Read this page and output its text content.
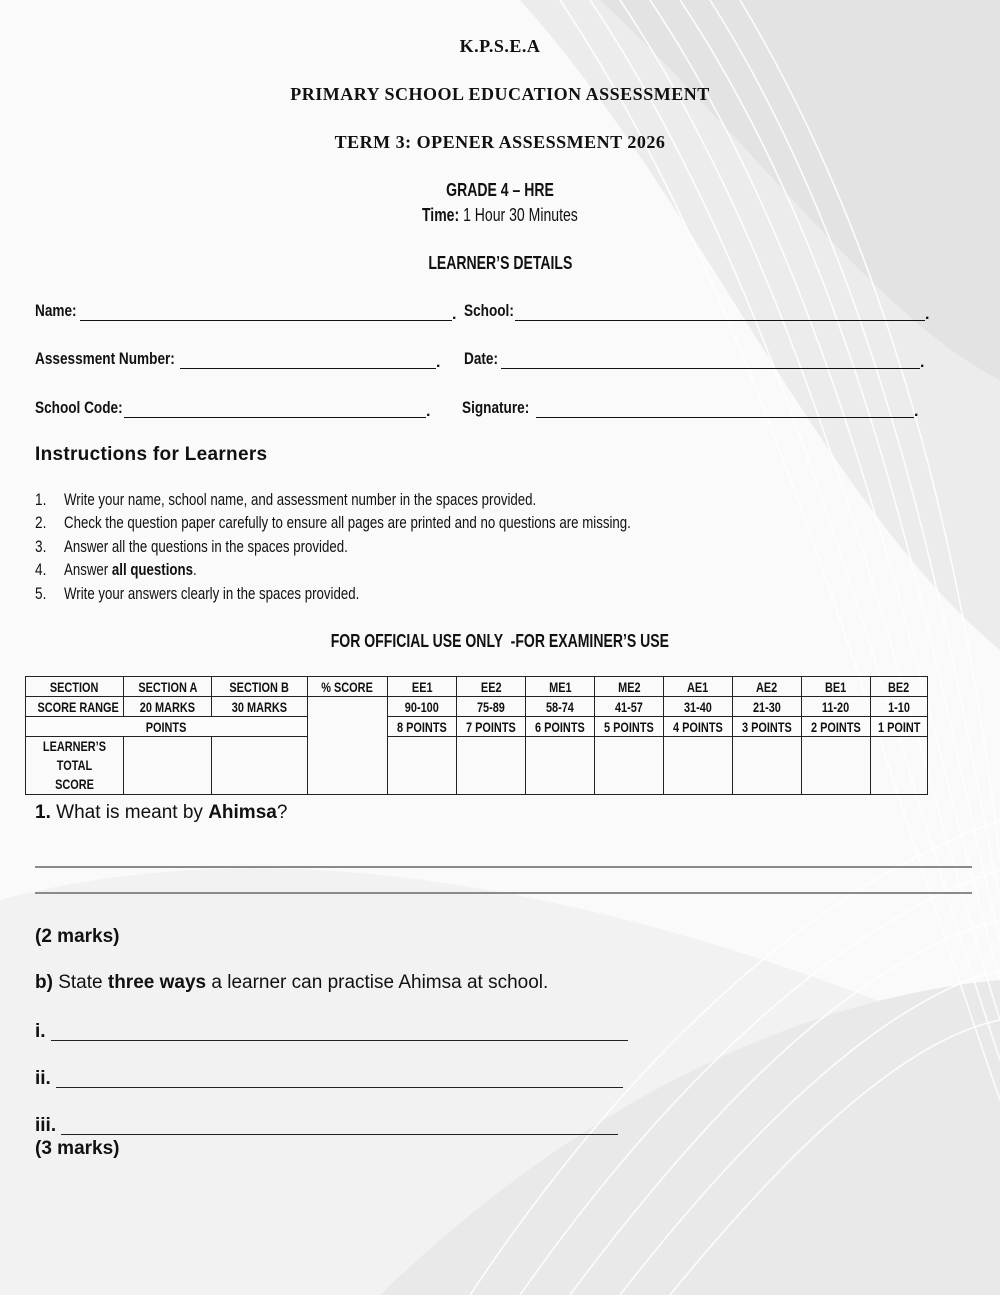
K.P.S.E.A
PRIMARY SCHOOL EDUCATION ASSESSMENT
TERM 3: OPENER ASSESSMENT 2026
GRADE 4 – HRE
Time: 1 Hour 30 Minutes
LEARNER’S DETAILS
Name:	. School:	.
Assessment Number:	. Date:	.
School Code:	. Signature:	.
Instructions for Learners
1. Write your name, school name, and assessment number in the spaces provided.
2. Check the question paper carefully to ensure all pages are printed and no questions are missing.
3. Answer all the questions in the spaces provided.
4. Answer all questions.
5. Write your answers clearly in the spaces provided.
FOR OFFICIAL USE ONLY  -FOR EXAMINER’S USE
SECTION	SECTION A	SECTION B	% SCORE	EE1	EE2	ME1	ME2	AE1	AE2	BE1	BE2
SCORE RANGE	20 MARKS	30 MARKS		90-100	75-89	58-74	41-57	31-40	21-30	11-20	1-10
POINTS				8 POINTS	7 POINTS	6 POINTS	5 POINTS	4 POINTS	3 POINTS	2 POINTS	1 POINT
LEARNER’S
TOTAL SCORE											
1. What is meant by Ahimsa?
(2 marks)
b) State three ways a learner can practise Ahimsa at school.
i.
ii.
iii.
(3 marks)
